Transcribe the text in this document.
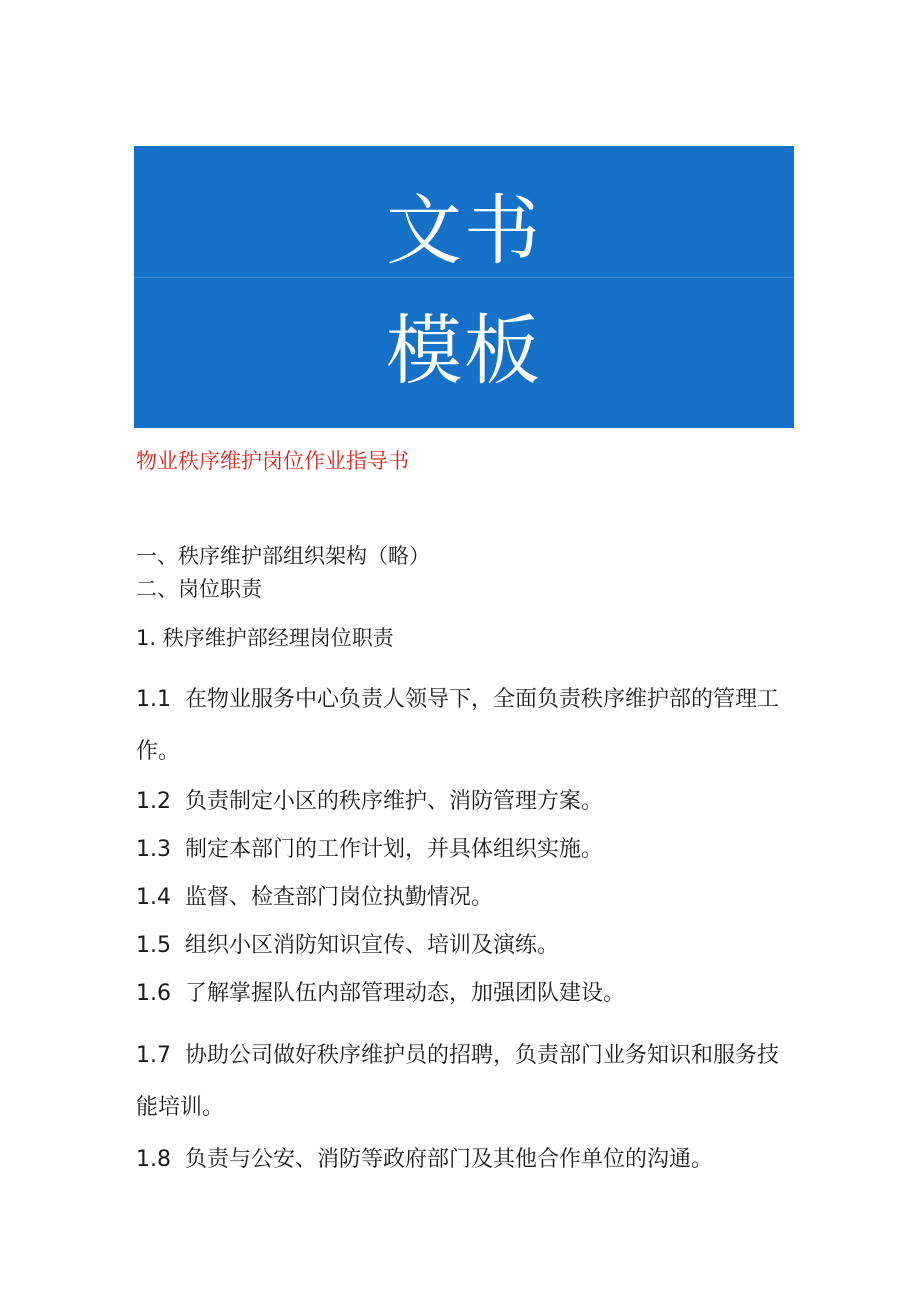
文书
模板
物业秩序维护岗位作业指导书
一、秩序维护部组织架构（略）
二、岗位职责
1. 秩序维护部经理岗位职责
1.1 在物业服务中心负责人领导下，全面负责秩序维护部的管理工作。
1.2 负责制定小区的秩序维护、消防管理方案。
1.3 制定本部门的工作计划，并具体组织实施。
1.4 监督、检查部门岗位执勤情况。
1.5 组织小区消防知识宣传、培训及演练。
1.6 了解掌握队伍内部管理动态，加强团队建设。
1.7 协助公司做好秩序维护员的招聘，负责部门业务知识和服务技能培训。
1.8 负责与公安、消防等政府部门及其他合作单位的沟通。
